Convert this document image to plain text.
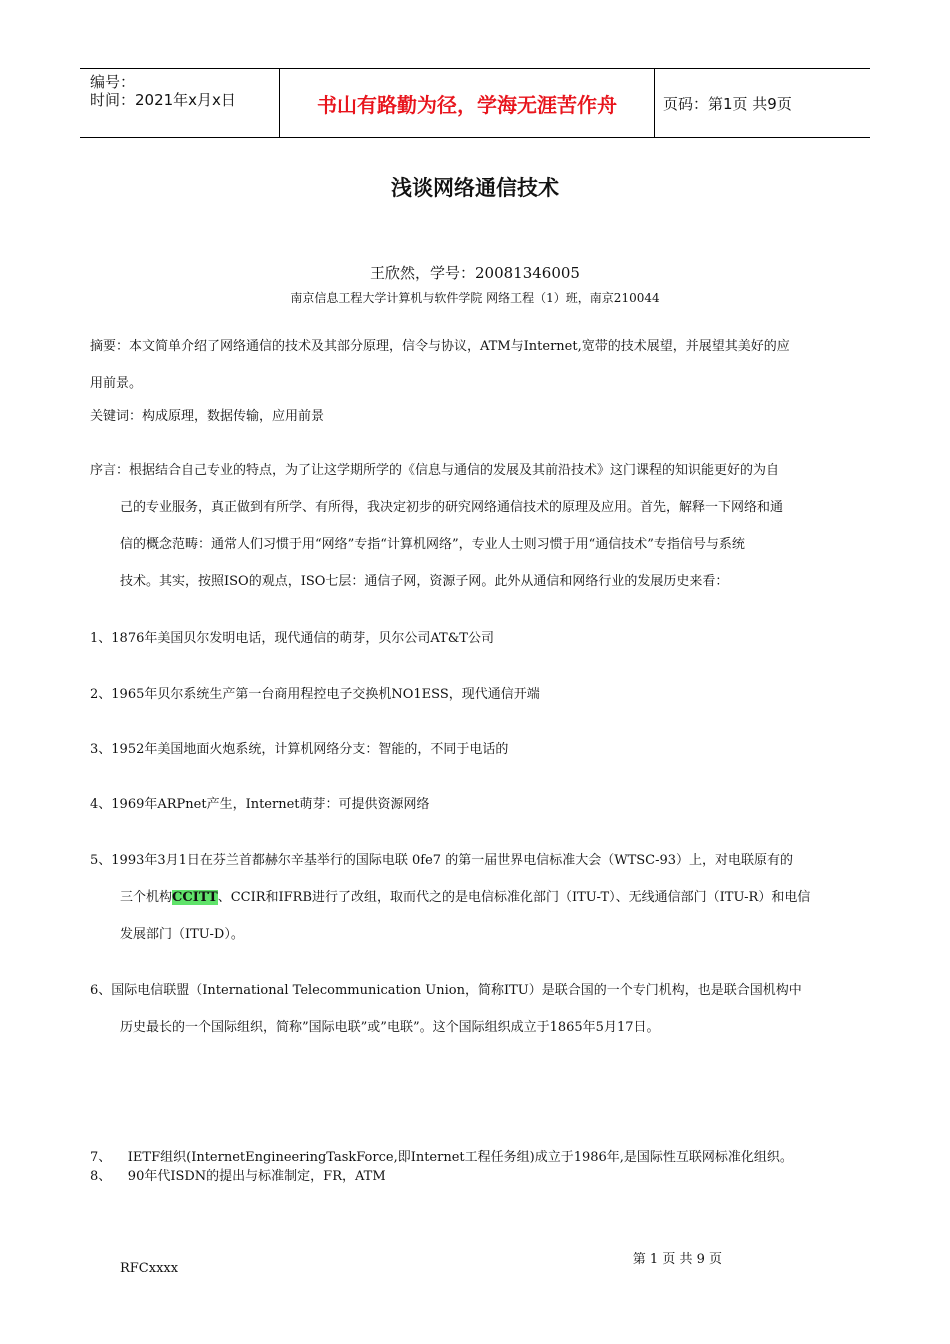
编号：
时间：2021年x月x日	书山有路勤为径，学海无涯苦作舟	页码：第1页 共9页
浅谈网络通信技术
王欣然，学号：20081346005
南京信息工程大学计算机与软件学院 网络工程（1）班，南京210044
摘要：本文简单介绍了网络通信的技术及其部分原理，信令与协议，ATM与Internet,宽带的技术展望，并展望其美好的应
用前景。
关键词：构成原理，数据传输，应用前景
序言：根据结合自己专业的特点，为了让这学期所学的《信息与通信的发展及其前沿技术》这门课程的知识能更好的为自
己的专业服务，真正做到有所学、有所得，我决定初步的研究网络通信技术的原理及应用。首先，解释一下网络和通
信的概念范畴：通常人们习惯于用“网络”专指“计算机网络”，专业人士则习惯于用“通信技术”专指信号与系统
技术。其实，按照ISO的观点，ISO七层：通信子网，资源子网。此外从通信和网络行业的发展历史来看：
1、1876年美国贝尔发明电话，现代通信的萌芽，贝尔公司AT&T公司
2、1965年贝尔系统生产第一台商用程控电子交换机NO1ESS，现代通信开端
3、1952年美国地面火炮系统，计算机网络分支：智能的，不同于电话的
4、1969年ARPnet产生，Internet萌芽：可提供资源网络
5、1993年3月1日在芬兰首都赫尔辛基举行的国际电联 0fe7 的第一届世界电信标准大会（WTSC-93）上，对电联原有的
三个机构CCITT、CCIR和IFRB进行了改组，取而代之的是电信标准化部门（ITU-T）、无线通信部门（ITU-R）和电信
发展部门（ITU-D）。
6、国际电信联盟（International Telecommunication Union，简称ITU）是联合国的一个专门机构，也是联合国机构中
历史最长的一个国际组织，简称”国际电联”或”电联”。这个国际组织成立于1865年5月17日。

7、    IETF组织(InternetEngineeringTaskForce,即Internet工程任务组)成立于1986年,是国际性互联网标准化组织。

RFCxxxx

8、    90年代ISDN的提出与标准制定，FR，ATM
第 1 页 共 9 页
